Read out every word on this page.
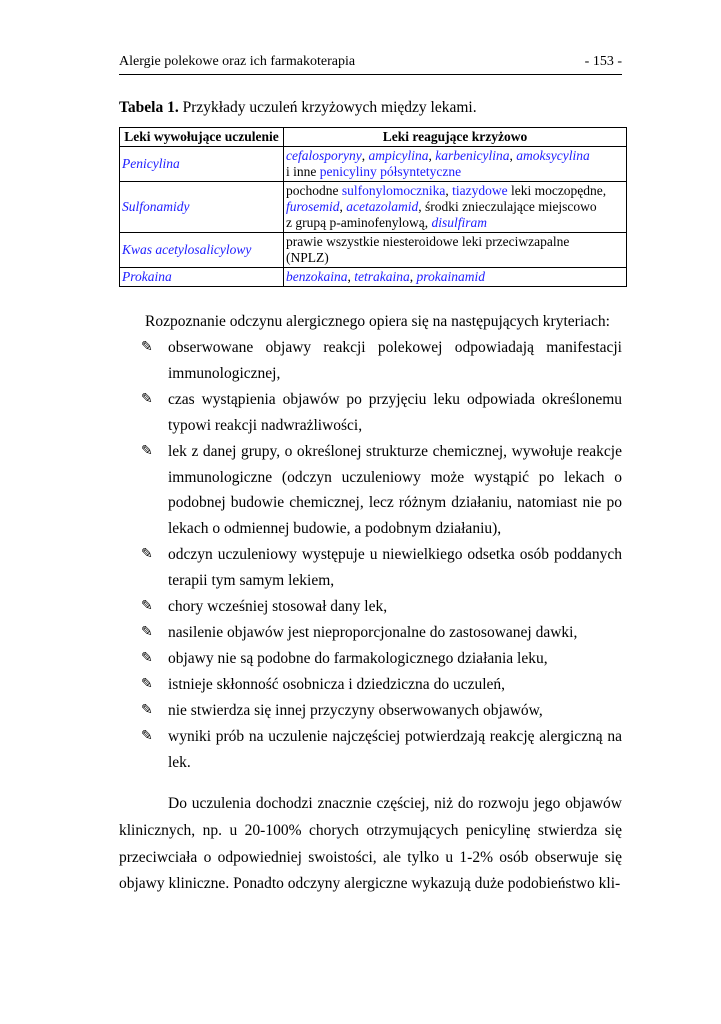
Alergie polekowe oraz ich farmakoterapia	- 153 -
Tabela 1. Przykłady uczuleń krzyżowych między lekami.
Leki wywołujące uczulenie	Leki reagujące krzyżowo
Penicylina	cefalosporyny, ampicylina, karbenicylina, amoksycylina
i inne penicyliny półsyntetyczne
Sulfonamidy	pochodne sulfonylomocznika, tiazydowe leki moczopędne,
furosemid, acetazolamid, środki znieczulające miejscowo
z grupą p-aminofenylową, disulfiram
Kwas acetylosalicylowy	prawie wszystkie niesteroidowe leki przeciwzapalne
(NPLZ)
Prokaina	benzokaina, tetrakaina, prokainamid

Rozpoznanie odczynu alergicznego opiera się na następujących kryteriach:

✎ obserwowane objawy reakcji polekowej odpowiadają manifestacji immunologicznej,
✎ czas wystąpienia objawów po przyjęciu leku odpowiada określonemu typowi reakcji nadwrażliwości,
✎ lek z danej grupy, o określonej strukturze chemicznej, wywołuje reakcje immunologiczne (odczyn uczuleniowy może wystąpić po lekach o podobnej budowie chemicznej, lecz różnym działaniu, natomiast nie po lekach o odmiennej budowie, a podobnym działaniu),
✎ odczyn uczuleniowy występuje u niewielkiego odsetka osób poddanych terapii tym samym lekiem,
✎ chory wcześniej stosował dany lek,
✎ nasilenie objawów jest nieproporcjonalne do zastosowanej dawki,
✎ objawy nie są podobne do farmakologicznego działania leku,
✎ istnieje skłonność osobnicza i dziedziczna do uczuleń,
✎ nie stwierdza się innej przyczyny obserwowanych objawów,
✎ wyniki prób na uczulenie najczęściej potwierdzają reakcję alergiczną na lek.

Do uczulenia dochodzi znacznie częściej, niż do rozwoju jego objawów klinicznych, np. u 20-100% chorych otrzymujących penicylinę stwierdza się przeciwciała o odpowiedniej swoistości, ale tylko u 1-2% osób obserwuje się objawy kliniczne. Ponadto odczyny alergiczne wykazują duże podobieństwo kli-
